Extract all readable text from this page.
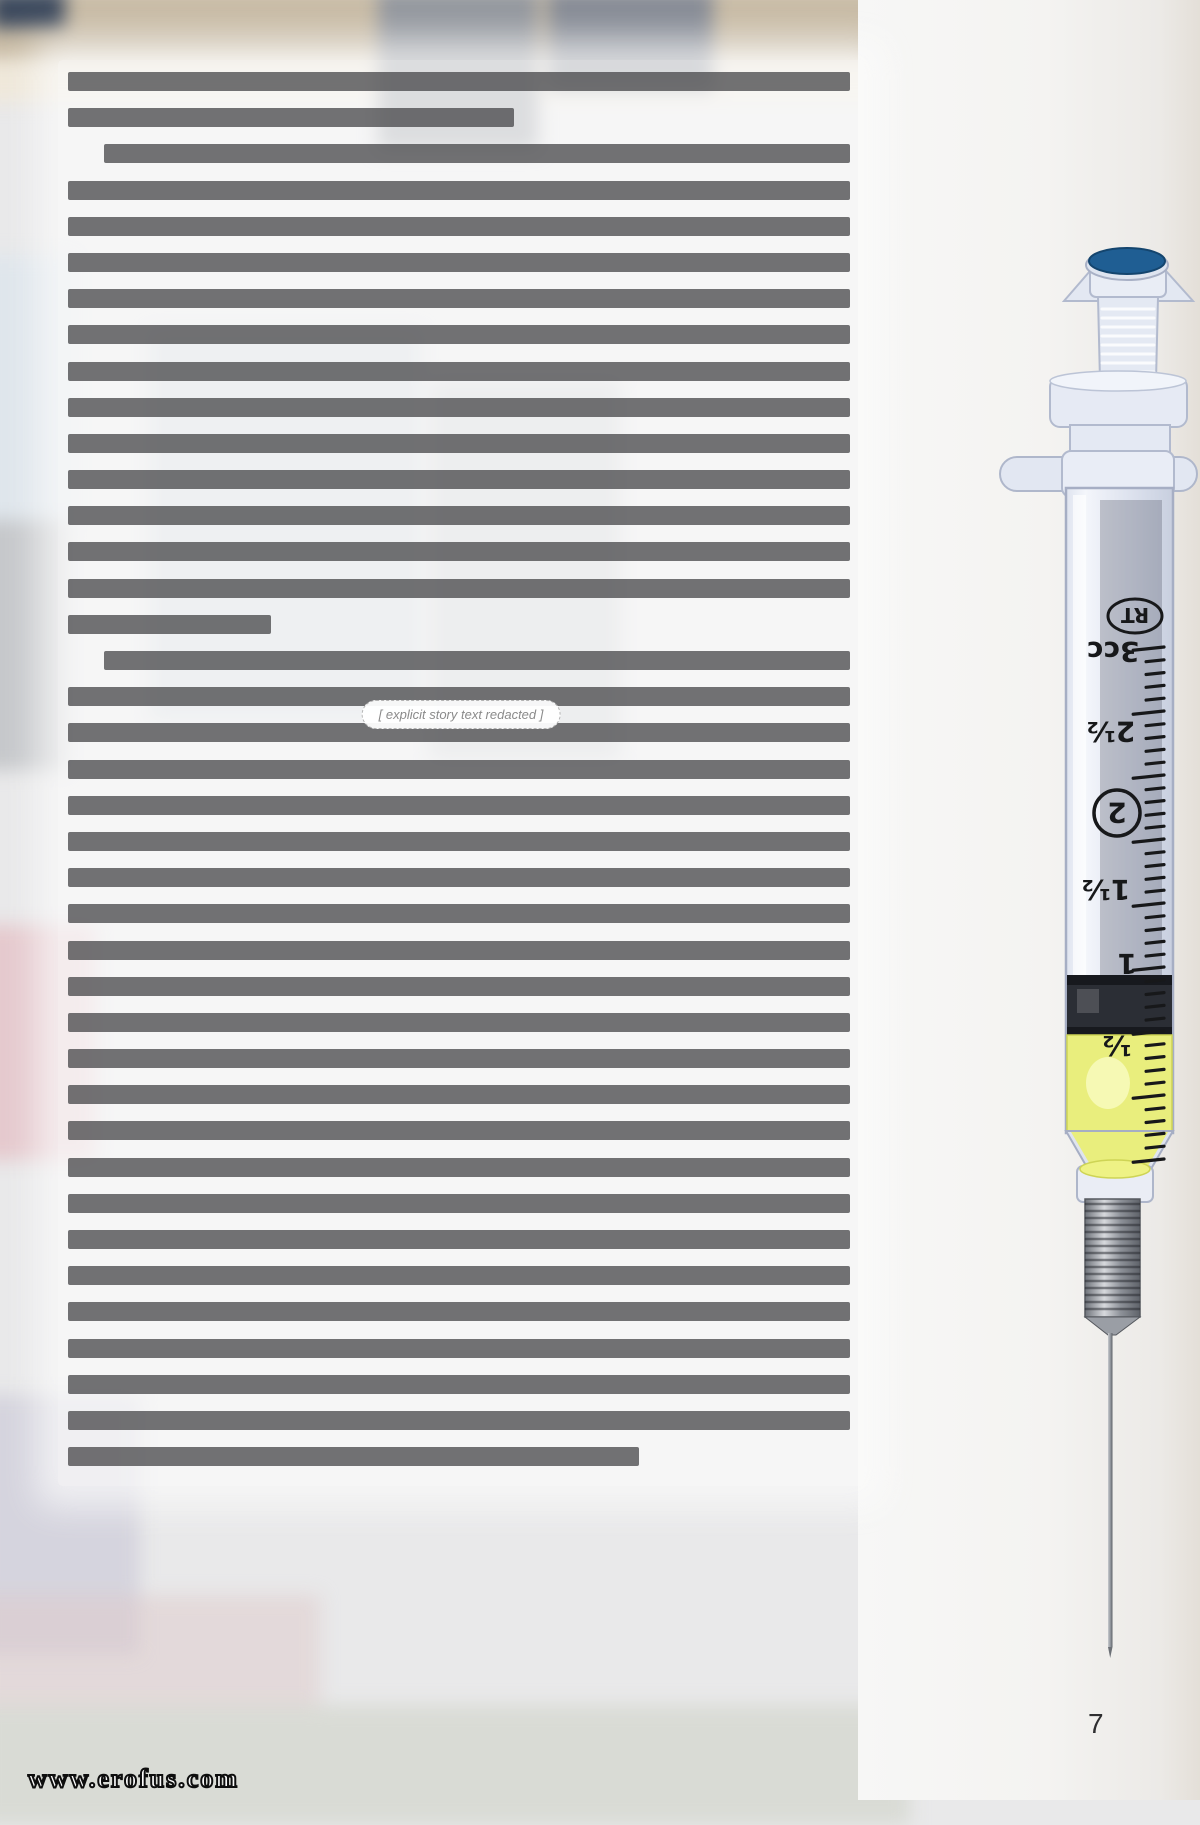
[ explicit story text redacted ]
RT
3cc
2½
2
1½
1
½
7
www.erofus.com
